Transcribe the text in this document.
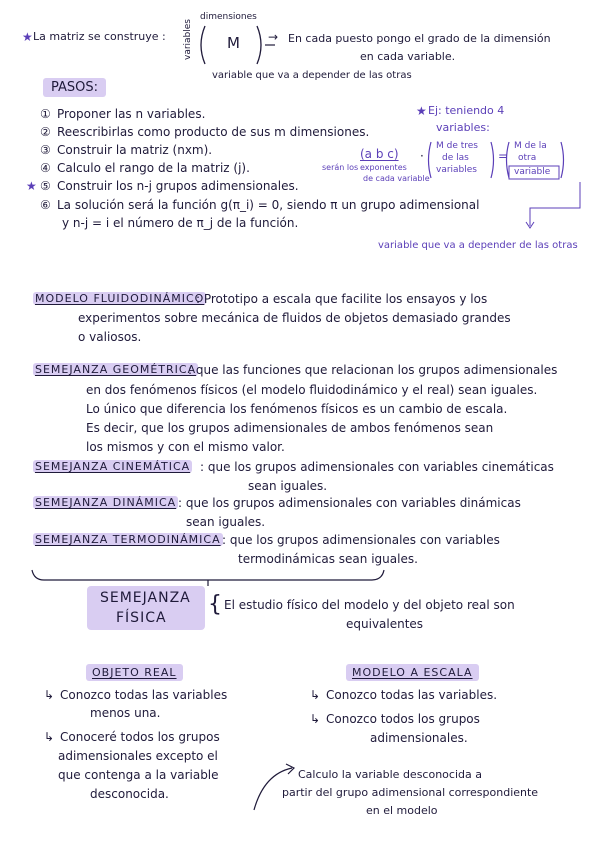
★ La matriz se construye :
dimensiones
variables M → En cada puesto pongo el grado de la dimensión
en cada variable.
variable que va a depender de las otras
PASOS:
① Proponer las n variables.
② Reescribirlas como producto de sus m dimensiones.
③ Construir la matriz (nxm).
④ Calculo el rango de la matriz (j).
★ ⑤ Construir los n-j grupos adimensionales.
⑥ La solución será la función g(π_i) = 0, siendo π un grupo adimensional
y n-j = i el número de π_j de la función.
★ Ej: teniendo 4
variables:
(a b c)
serán los exponentes
de cada variable
·
M de tres
de las
variables
=
M de la
otra
variable
variable que va a depender de las otras
MODELO FLUIDODINÁMICO
: Prototipo a escala que facilite los ensayos y los
experimentos sobre mecánica de fluidos de objetos demasiado grandes
o valiosos.
SEMEJANZA GEOMÉTRICA
: que las funciones que relacionan los grupos adimensionales
en dos fenómenos físicos (el modelo fluidodinámico y el real) sean iguales.
Lo único que diferencia los fenómenos físicos es un cambio de escala.
Es decir, que los grupos adimensionales de ambos fenómenos sean
los mismos y con el mismo valor.
SEMEJANZA CINEMÁTICA : que los grupos adimensionales con variables cinemáticas
sean iguales.
SEMEJANZA DINÁMICA : que los grupos adimensionales con variables dinámicas
sean iguales.
SEMEJANZA TERMODINÁMICA : que los grupos adimensionales con variables
termodinámicas sean iguales.
SEMEJANZA
FÍSICA
{ El estudio físico del modelo y del objeto real son
equivalentes
OBJETO REAL
↳ Conozco todas las variables
menos una.
↳ Conoceré todos los grupos
adimensionales excepto el
que contenga a la variable
desconocida.
MODELO A ESCALA
↳ Conozco todas las variables.
↳ Conozco todos los grupos
adimensionales.
Calculo la variable desconocida a
partir del grupo adimensional correspondiente
en el modelo
